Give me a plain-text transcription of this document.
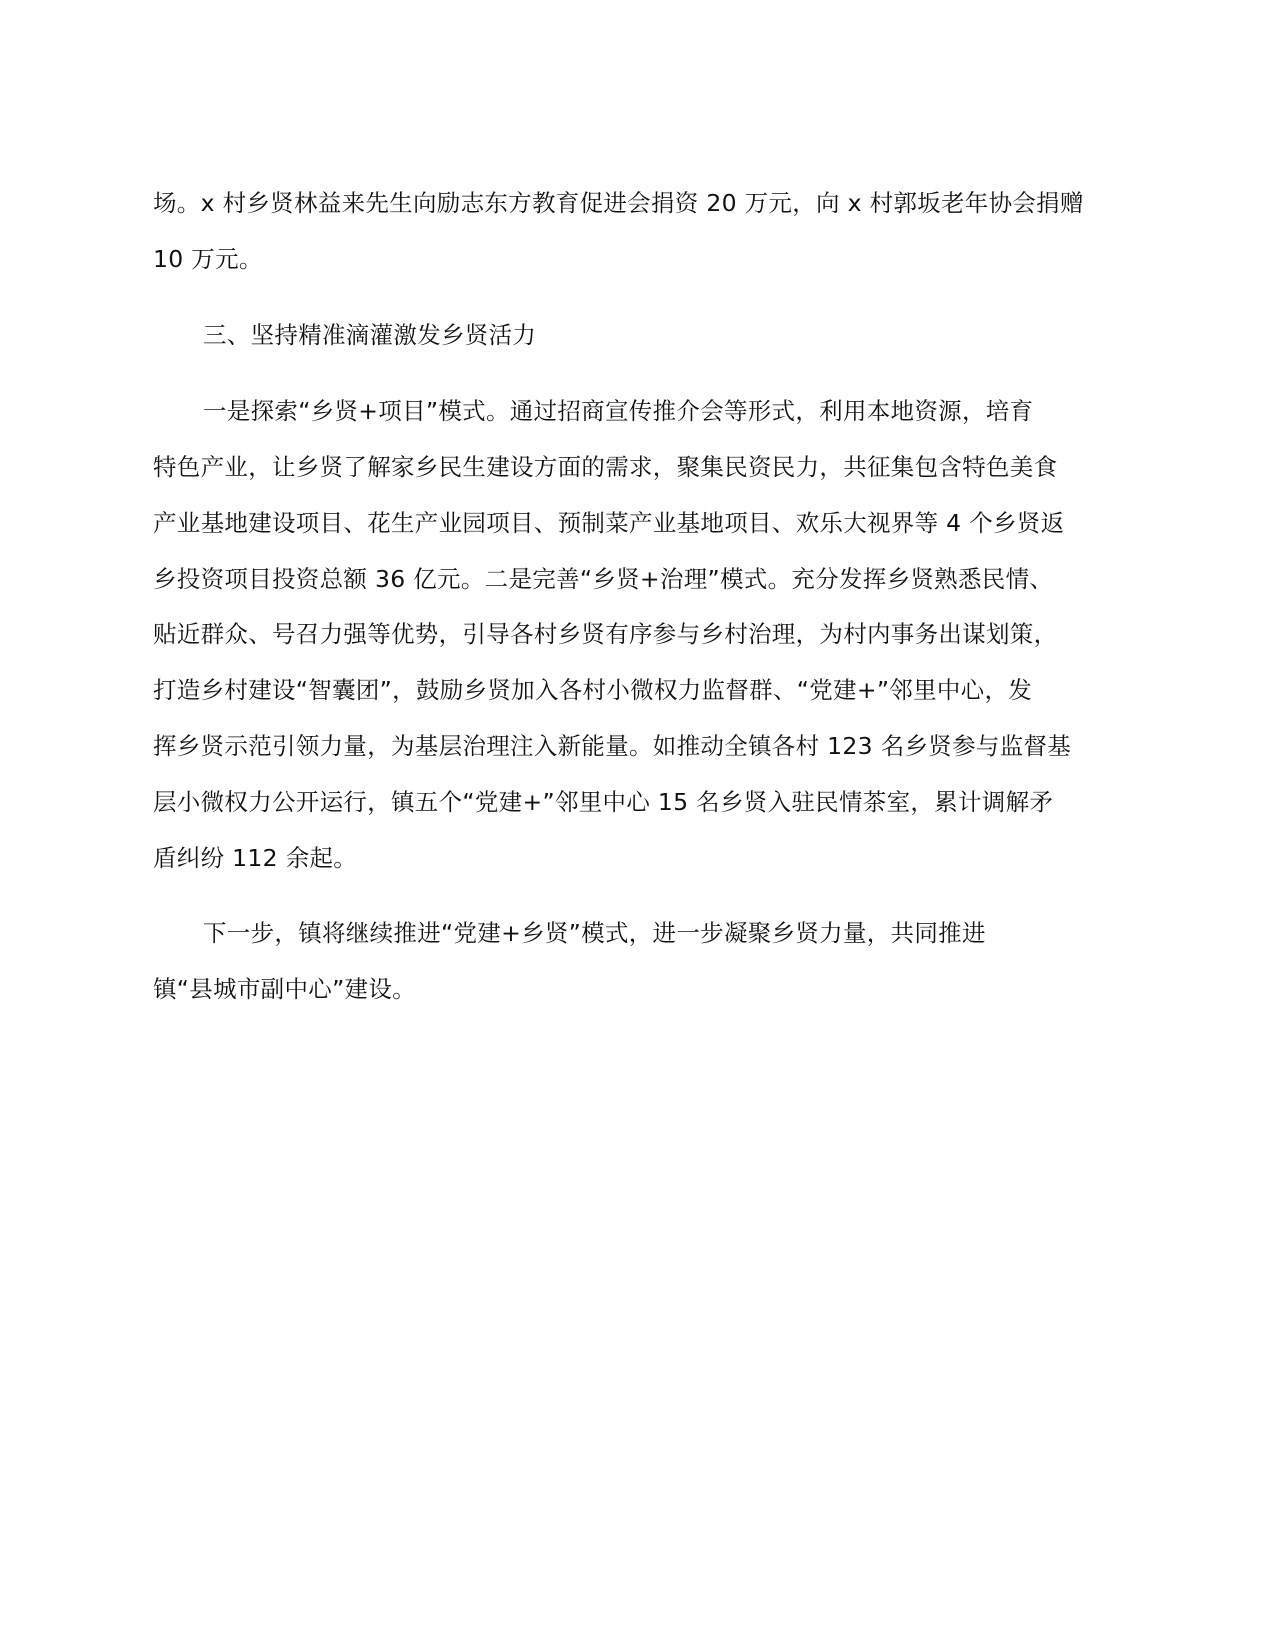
场。x 村乡贤林益来先生向励志东方教育促进会捐资 20 万元，向 x 村郭坂老年协会捐赠
10 万元。
三、坚持精准滴灌激发乡贤活力
一是探索“乡贤+项目”模式。通过招商宣传推介会等形式，利用本地资源，培育
特色产业，让乡贤了解家乡民生建设方面的需求，聚集民资民力，共征集包含特色美食
产业基地建设项目、花生产业园项目、预制菜产业基地项目、欢乐大视界等 4 个乡贤返
乡投资项目投资总额 36 亿元。二是完善“乡贤+治理”模式。充分发挥乡贤熟悉民情、
贴近群众、号召力强等优势，引导各村乡贤有序参与乡村治理，为村内事务出谋划策，
打造乡村建设“智囊团”，鼓励乡贤加入各村小微权力监督群、“党建+”邻里中心，发
挥乡贤示范引领力量，为基层治理注入新能量。如推动全镇各村 123 名乡贤参与监督基
层小微权力公开运行，镇五个“党建+”邻里中心 15 名乡贤入驻民情茶室，累计调解矛
盾纠纷 112 余起。
下一步，镇将继续推进“党建+乡贤”模式，进一步凝聚乡贤力量，共同推进
镇“县城市副中心”建设。
